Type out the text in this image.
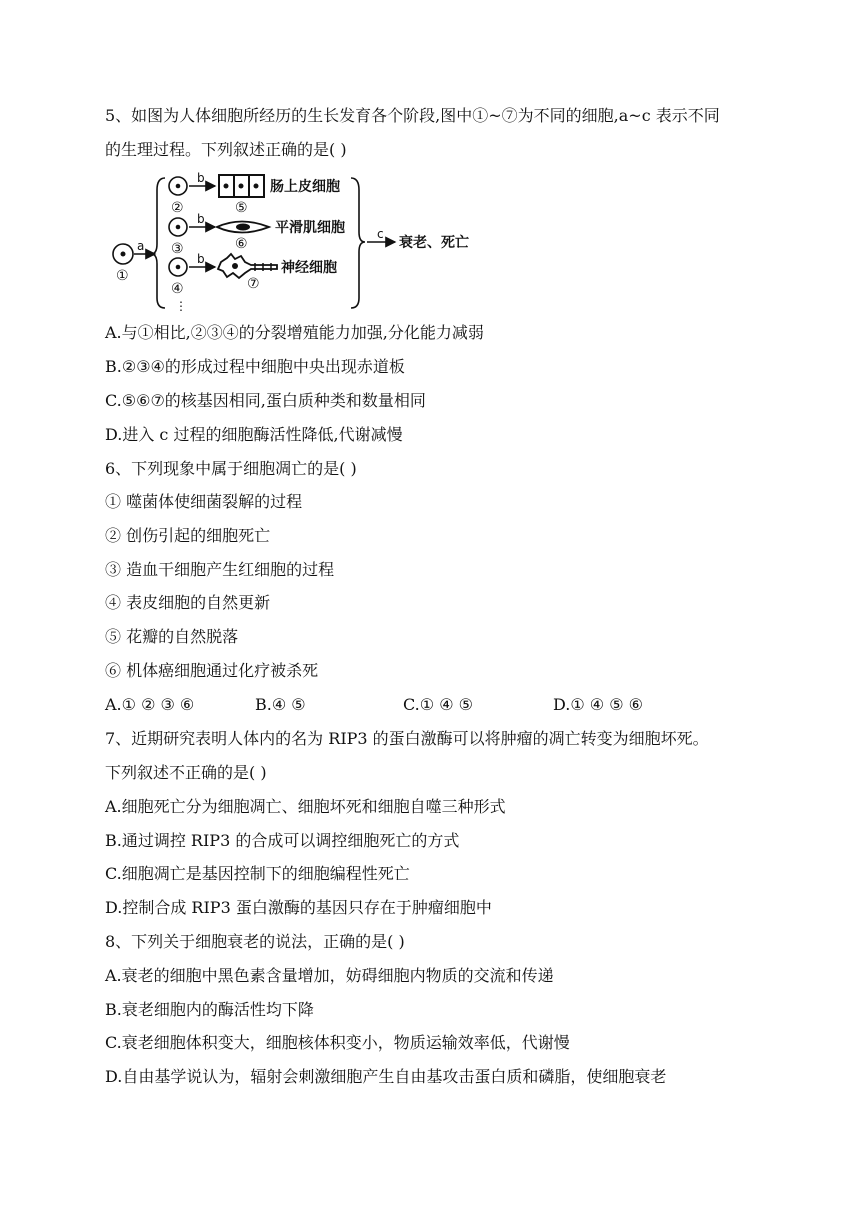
5、如图为人体细胞所经历的生长发育各个阶段,图中①~⑦为不同的细胞,a~c 表示不同
的生理过程。下列叙述正确的是( )
①
a
②
b
⑤
肠上皮细胞
③
b
⑥
平滑肌细胞
④
⋮
b
⑦
神经细胞
c
衰老、死亡
A.与①相比,②③④的分裂增殖能力加强,分化能力减弱
B.②③④的形成过程中细胞中央出现赤道板
C.⑤⑥⑦的核基因相同,蛋白质种类和数量相同
D.进入 c 过程的细胞酶活性降低,代谢减慢
6、下列现象中属于细胞凋亡的是( )
① 噬菌体使细菌裂解的过程
② 创伤引起的细胞死亡
③ 造血干细胞产生红细胞的过程
④ 表皮细胞的自然更新
⑤ 花瓣的自然脱落
⑥ 机体癌细胞通过化疗被杀死
A.① ② ③ ⑥	B.④ ⑤	C.① ④ ⑤	D.① ④ ⑤ ⑥
7、近期研究表明人体内的名为 RIP3 的蛋白激酶可以将肿瘤的凋亡转变为细胞坏死。
下列叙述不正确的是( )
A.细胞死亡分为细胞凋亡、细胞坏死和细胞自噬三种形式
B.通过调控 RIP3 的合成可以调控细胞死亡的方式
C.细胞凋亡是基因控制下的细胞编程性死亡
D.控制合成 RIP3 蛋白激酶的基因只存在于肿瘤细胞中
8、下列关于细胞衰老的说法，正确的是( )
A.衰老的细胞中黑色素含量增加，妨碍细胞内物质的交流和传递
B.衰老细胞内的酶活性均下降
C.衰老细胞体积变大，细胞核体积变小，物质运输效率低，代谢慢
D.自由基学说认为，辐射会刺激细胞产生自由基攻击蛋白质和磷脂，使细胞衰老
